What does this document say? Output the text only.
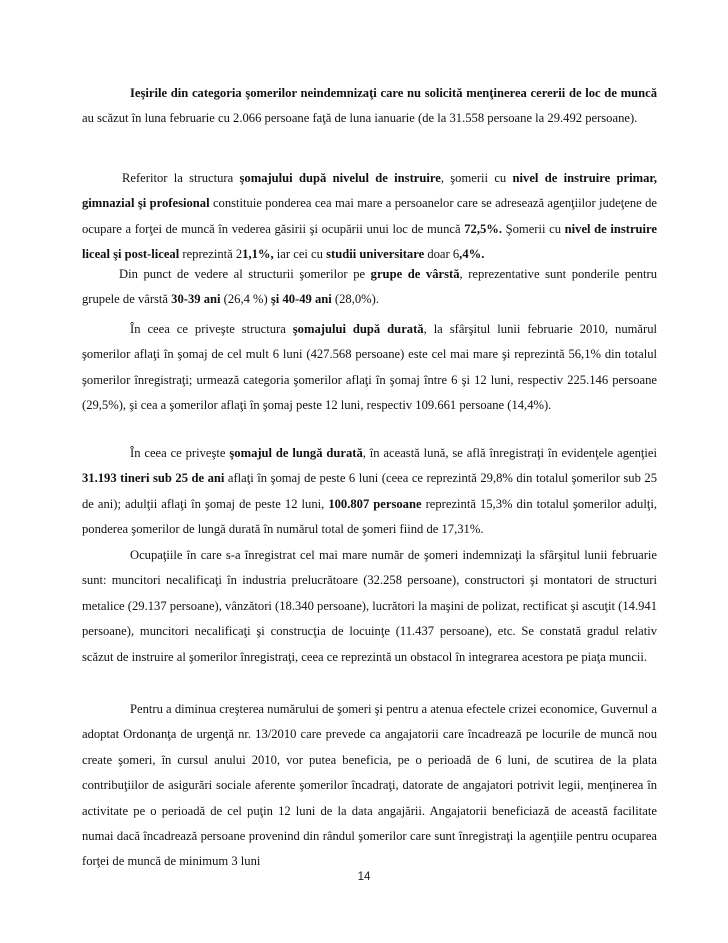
Ieşirile din categoria şomerilor neindemnizaţi care nu solicită menţinerea cererii de loc de muncă au scăzut în luna februarie cu 2.066 persoane faţă de luna ianuarie (de la 31.558 persoane la 29.492 persoane).

Referitor la structura şomajului după nivelul de instruire, şomerii cu nivel de instruire primar, gimnazial şi profesional constituie ponderea cea mai mare a persoanelor care se adresează agenţiilor judeţene de ocupare a forţei de muncă în vederea găsirii şi ocupării unui loc de muncă 72,5%. Şomerii cu nivel de instruire liceal şi post-liceal reprezintă 21,1%, iar cei cu studii universitare doar 6,4%.

Din punct de vedere al structurii şomerilor pe grupe de vârstă, reprezentative sunt ponderile pentru grupele de vârstă 30-39 ani (26,4 %) şi 40-49 ani (28,0%).

În ceea ce priveşte structura şomajului după durată, la sfârşitul lunii februarie 2010, numărul şomerilor aflaţi în şomaj de cel mult 6 luni (427.568 persoane) este cel mai mare şi reprezintă 56,1% din totalul şomerilor înregistraţi; urmează categoria şomerilor aflaţi în şomaj între 6 şi 12 luni, respectiv 225.146 persoane (29,5%), şi cea a şomerilor aflaţi în şomaj peste 12 luni, respectiv 109.661 persoane (14,4%).

În ceea ce priveşte şomajul de lungă durată, în această lună, se află înregistraţi în evidenţele agenţiei 31.193 tineri sub 25 de ani aflaţi în şomaj de peste 6 luni (ceea ce reprezintă 29,8% din totalul şomerilor sub 25 de ani); adulţii aflaţi în şomaj de peste 12 luni, 100.807 persoane reprezintă 15,3% din totalul şomerilor adulţi, ponderea şomerilor de lungă durată în numărul total de şomeri fiind de 17,31%.

Ocupaţiile în care s-a înregistrat cel mai mare număr de şomeri indemnizaţi la sfârşitul lunii februarie sunt: muncitori necalificaţi în industria prelucrătoare (32.258 persoane), constructori şi montatori de structuri metalice (29.137 persoane), vânzători (18.340 persoane), lucrători la maşini de polizat, rectificat şi ascuţit (14.941 persoane), muncitori necalificaţi şi construcţia de locuinţe (11.437 persoane), etc. Se constată gradul relativ scăzut de instruire al şomerilor înregistraţi, ceea ce reprezintă un obstacol în integrarea acestora pe piaţa muncii.

Pentru a diminua creşterea numărului de şomeri şi pentru a atenua efectele crizei economice, Guvernul a adoptat Ordonanţa de urgenţă nr. 13/2010 care prevede ca angajatorii care încadrează pe locurile de muncă nou create şomeri, în cursul anului 2010, vor putea beneficia, pe o perioadă de 6 luni, de scutirea de la plata contribuţiilor de asigurări sociale aferente şomerilor încadraţi, datorate de angajatori potrivit legii, menţinerea în activitate pe o perioadă de cel puţin 12 luni de la data angajării. Angajatorii beneficiază de această facilitate numai dacă încadrează persoane provenind din rândul şomerilor care sunt înregistraţi la agenţiile pentru ocuparea forţei de muncă de minimum 3 luni

14
